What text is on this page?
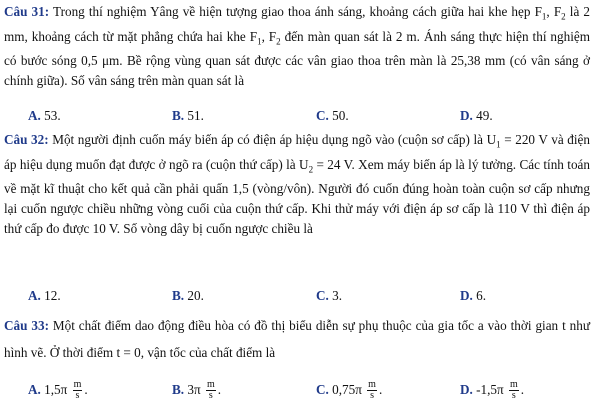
Câu 31: Trong thí nghiệm Yâng về hiện tượng giao thoa ánh sáng, khoảng cách giữa hai khe hẹp $F_1$, $F_2$ là 2 mm, khoảng cách từ mặt phẳng chứa hai khe $F_1$, $F_2$ đến màn quan sát là 2 m. Ánh sáng thực hiện thí nghiệm có bước sóng 0,5 μm. Bề rộng vùng quan sát được các vân giao thoa trên màn là 25,38 mm (có vân sáng ở chính giữa). Số vân sáng trên màn quan sát là
A. 53.	B. 51.	C. 50.	D. 49.
Câu 32: Một người định cuốn máy biến áp có điện áp hiệu dụng ngõ vào (cuộn sơ cấp) là $U_1 = 220$ V và điện áp hiệu dụng muốn đạt được ở ngõ ra (cuộn thứ cấp) là $U_2 = 24$ V. Xem máy biến áp là lý tưởng. Các tính toán về mặt kĩ thuật cho kết quả cần phải quấn 1,5 (vòng/vôn). Người đó cuốn đúng hoàn toàn cuộn sơ cấp nhưng lại cuốn ngược chiều những vòng cuối của cuộn thứ cấp. Khi thử máy với điện áp sơ cấp là 110 V thì điện áp thứ cấp đo được 10 V. Số vòng dây bị cuốn ngược chiều là
A. 12.	B. 20.	C. 3.	D. 6.
Câu 33: Một chất điểm dao động điều hòa có đồ thị biểu diễn sự phụ thuộc của gia tốc a vào thời gian t như hình vẽ. Ở thời điểm t = 0, vận tốc của chất điểm là
A. $1,5\pi \frac{m}{s}$ .	B. $3\pi \frac{m}{s}$ .	C. $0,75\pi \frac{m}{s}$ .	D. $-1,5\pi \frac{m}{s}$ .
